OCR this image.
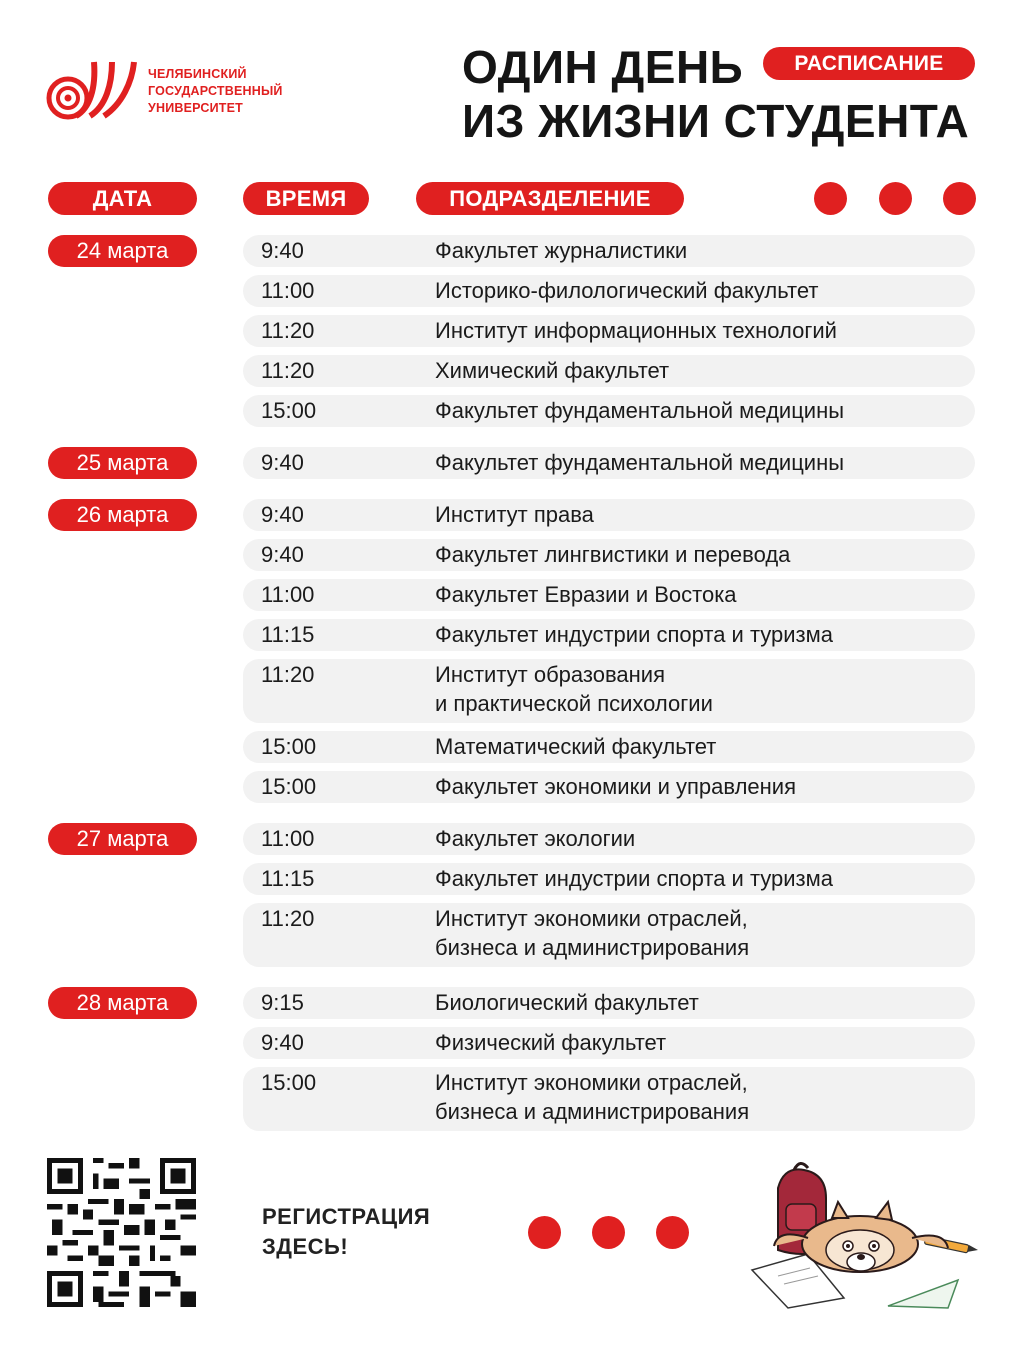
ЧЕЛЯБИНСКИЙ
ГОСУДАРСТВЕННЫЙ
УНИВЕРСИТЕТ
ОДИН ДЕНЬ
ИЗ ЖИЗНИ СТУДЕНТА
РАСПИСАНИЕ
ДАТА	ВРЕМЯ	ПОДРАЗДЕЛЕНИЕ
24 марта	9:40	Факультет журналистики
11:00	Историко-филологический факультет
11:20	Институт информационных технологий
11:20	Химический факультет
15:00	Факультет фундаментальной медицины
25 марта	9:40	Факультет фундаментальной медицины
26 марта	9:40	Институт права
9:40	Факультет лингвистики и перевода
11:00	Факультет Евразии и Востока
11:15	Факультет индустрии спорта и туризма
11:20	Институт образования
и практической психологии
15:00	Математический факультет
15:00	Факультет экономики и управления
27 марта	11:00	Факультет экологии
11:15	Факультет индустрии спорта и туризма
11:20	Институт экономики отраслей,
бизнеса и администрирования
28 марта	9:15	Биологический факультет
9:40	Физический факультет
15:00	Институт экономики отраслей,
бизнеса и администрирования
РЕГИСТРАЦИЯ
ЗДЕСЬ!
